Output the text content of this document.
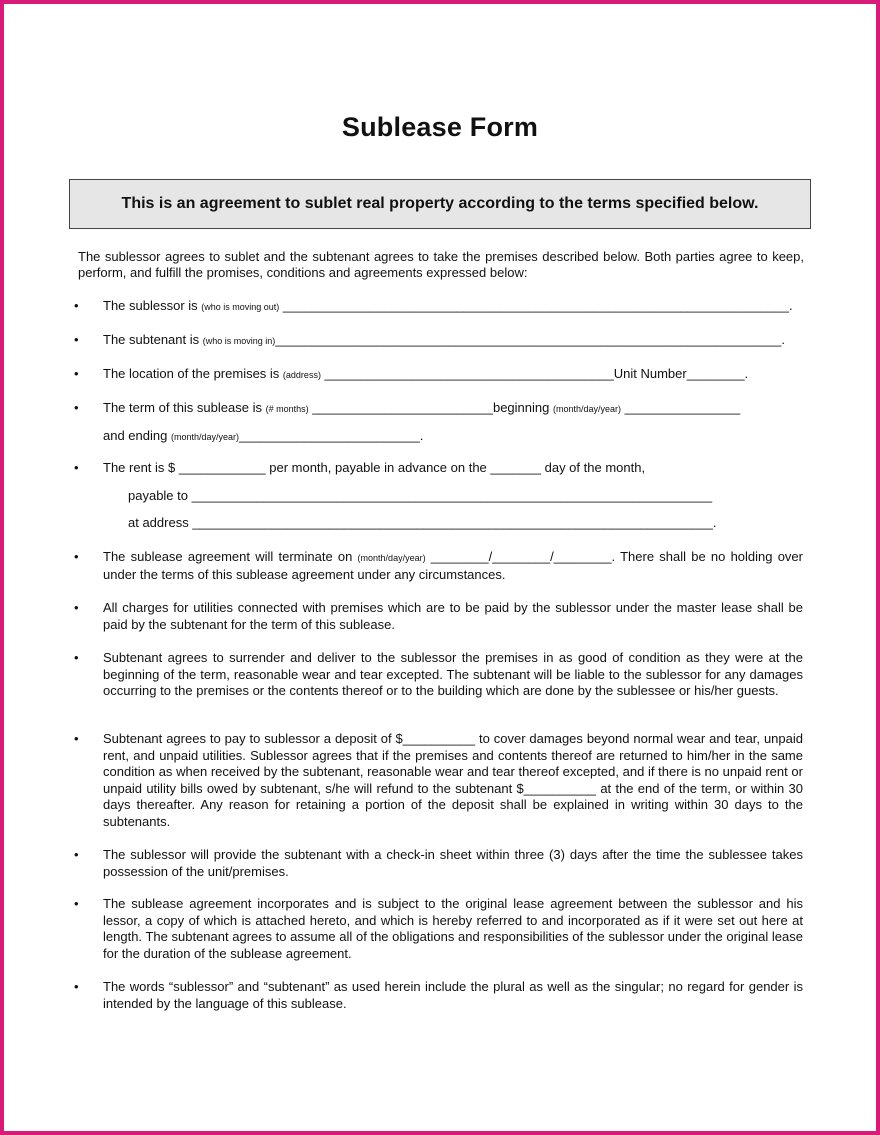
Sublease Form
This is an agreement to sublet real property according to the terms specified below.

The sublessor agrees to sublet and the subtenant agrees to take the premises described below. Both parties agree to keep, perform, and fulfill the promises, conditions and agreements expressed below:

• The sublessor is (who is moving out) ______________________________________________________________________.
• The subtenant is (who is moving in)______________________________________________________________________.
• The location of the premises is (address) ________________________________________Unit Number________.
• The term of this sublease is (# months) _________________________beginning (month/day/year) ________________
and ending (month/day/year)_________________________.
• The rent is $ ____________ per month, payable in advance on the _______ day of the month,
payable to ________________________________________________________________________
at address ________________________________________________________________________.
• The sublease agreement will terminate on (month/day/year) ________/________/________. There shall be no holding over under the terms of this sublease agreement under any circumstances.

• All charges for utilities connected with premises which are to be paid by the sublessor under the master lease shall be paid by the subtenant for the term of this sublease.

• Subtenant agrees to surrender and deliver to the sublessor the premises in as good of condition as they were at the beginning of the term, reasonable wear and tear excepted. The subtenant will be liable to the sublessor for any damages occurring to the premises or the contents thereof or to the building which are done by the sublessee or his/her guests.

• Subtenant agrees to pay to sublessor a deposit of $__________ to cover damages beyond normal wear and tear, unpaid rent, and unpaid utilities. Sublessor agrees that if the premises and contents thereof are returned to him/her in the same condition as when received by the subtenant, reasonable wear and tear thereof excepted, and if there is no unpaid rent or unpaid utility bills owed by subtenant, s/he will refund to the subtenant $__________ at the end of the term, or within 30 days thereafter. Any reason for retaining a portion of the deposit shall be explained in writing within 30 days to the subtenants.

• The sublessor will provide the subtenant with a check-in sheet within three (3) days after the time the sublessee takes possession of the unit/premises.

• The sublease agreement incorporates and is subject to the original lease agreement between the sublessor and his lessor, a copy of which is attached hereto, and which is hereby referred to and incorporated as if it were set out here at length. The subtenant agrees to assume all of the obligations and responsibilities of the sublessor under the original lease for the duration of the sublease agreement.

• The words “sublessor” and “subtenant” as used herein include the plural as well as the singular; no regard for gender is intended by the language of this sublease.
